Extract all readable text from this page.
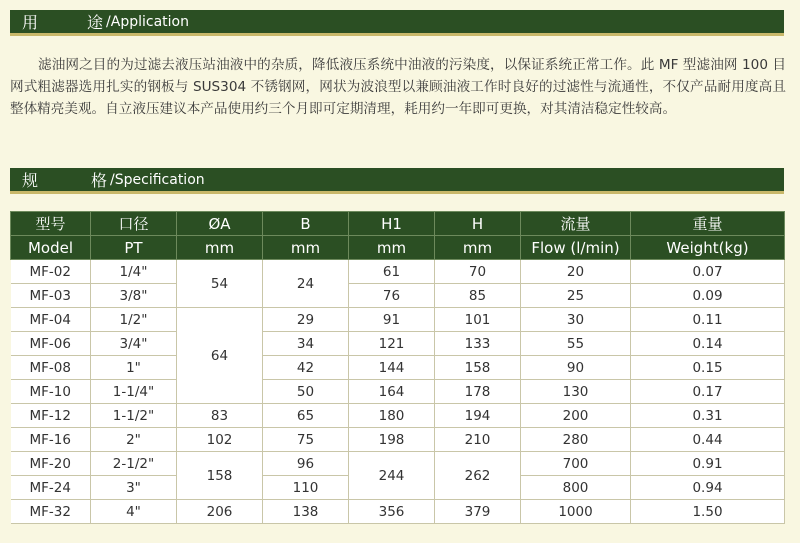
用	途 /Application

滤油网之目的为过滤去液压站油液中的杂质，降低液压系统中油液的污染度，以保证系统正常工作。此 MF 型滤油网 100 目网式粗滤器选用扎实的钢板与 SUS304 不锈钢网，网状为波浪型以兼顾油液工作时良好的过滤性与流通性，不仅产品耐用度高且整体精亮美观。自立液压建议本产品使用约三个月即可定期清理，耗用约一年即可更换，对其清洁稳定性较高。

规	格 /Specification
型号	口径	ØA	B	H1	H	流量	重量
Model	PT	mm	mm	mm	mm	Flow (l/min)	Weight(kg)
MF-02	1/4"	54	24	61	70	20	0.07
MF-03	3/8"			76	85	25	0.09
MF-04	1/2"	64	29	91	101	30	0.11
MF-06	3/4"		34	121	133	55	0.14
MF-08	1"		42	144	158	90	0.15
MF-10	1-1/4"		50	164	178	130	0.17
MF-12	1-1/2"	83	65	180	194	200	0.31
MF-16	2"	102	75	198	210	280	0.44
MF-20	2-1/2"	158	96	244	262	700	0.91
MF-24	3"		110			800	0.94
MF-32	4"	206	138	356	379	1000	1.50
